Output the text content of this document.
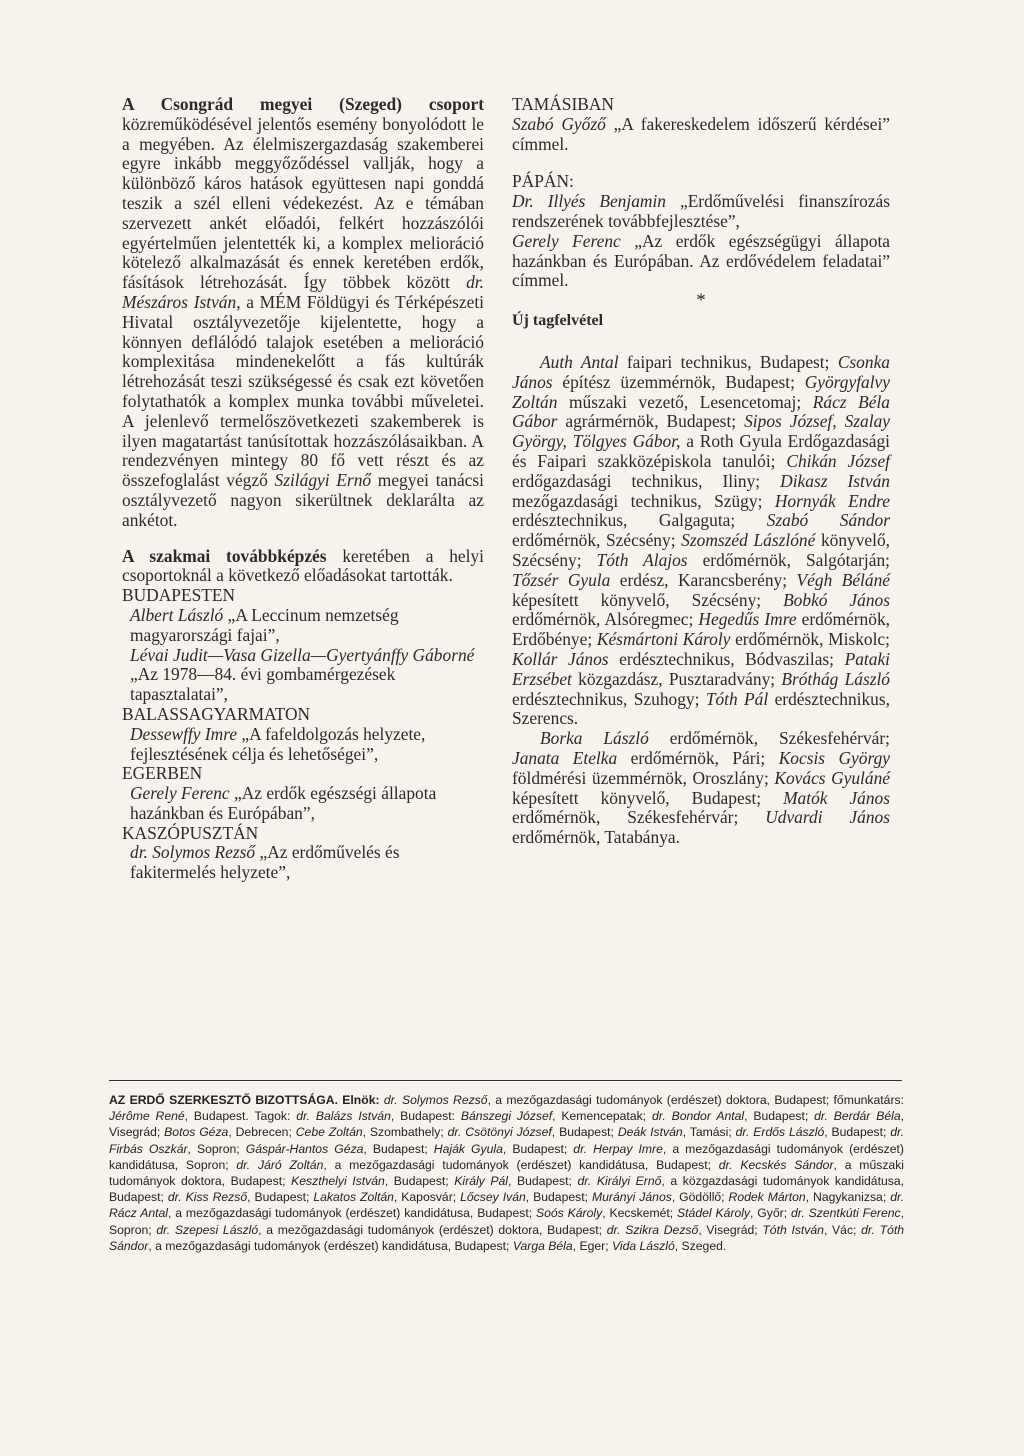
A Csongrád megyei (Szeged) csoport közreműködésével jelentős esemény bonyolódott le a megyében. Az élelmiszergazdaság szakemberei egyre inkább meggyőződéssel vallják, hogy a különböző káros hatások együttesen napi gonddá teszik a szél elleni védekezést. Az e témában szervezett ankét előadói, felkért hozzászólói egyértelműen jelentették ki, a komplex melioráció kötelező alkalmazását és ennek keretében erdők, fásítások létrehozását. Így többek között dr. Mészáros István, a MÉM Földügyi és Térképészeti Hivatal osztályvezetője kijelentette, hogy a könnyen deflálódó talajok esetében a melioráció komplexitása mindenekelőtt a fás kultúrák létrehozását teszi szükségessé és csak ezt követően folytathatók a komplex munka további műveletei. A jelenlevő termelőszövetkezeti szakemberek is ilyen magatartást tanúsítottak hozzászólásaikban. A rendezvényen mintegy 80 fő vett részt és az összefoglalást végző Szilágyi Ernő megyei tanácsi osztályvezető nagyon sikerültnek deklarálta az ankétot.

A szakmai továbbképzés keretében a helyi csoportoknál a következő előadásokat tartották.

BUDAPESTEN

Albert László „A Leccinum nemzetség magyarországi fajai”,

Lévai Judit—Vasa Gizella—Gyertyánffy Gáborné „Az 1978—84. évi gombamérgezések tapasztalatai”,

BALASSAGYARMATON

Dessewffy Imre „A fafeldolgozás helyzete, fejlesztésének célja és lehetőségei”,

EGERBEN

Gerely Ferenc „Az erdők egészségi állapota hazánkban és Európában”,

KASZÓPUSZTÁN

dr. Solymos Rezső „Az erdőművelés és fakitermelés helyzete”,

TAMÁSIBAN

Szabó Győző „A fakereskedelem időszerű kérdései” címmel.

PÁPÁN:

Dr. Illyés Benjamin „Erdőművelési finanszírozás rendszerének továbbfejlesztése”,

Gerely Ferenc „Az erdők egészségügyi állapota hazánkban és Európában. Az erdővédelem feladatai” címmel.

*

Új tagfelvétel

Auth Antal faipari technikus, Budapest; Csonka János építész üzemmérnök, Budapest; Györgyfalvy Zoltán műszaki vezető, Lesencetomaj; Rácz Béla Gábor agrármérnök, Budapest; Sipos József, Szalay György, Tölgyes Gábor, a Roth Gyula Erdőgazdasági és Faipari szakközépiskola tanulói; Chikán József erdőgazdasági technikus, Iliny; Dikasz István mezőgazdasági technikus, Szügy; Hornyák Endre erdésztechnikus, Galgaguta; Szabó Sándor erdőmérnök, Szécsény; Szomszéd Lászlóné könyvelő, Szécsény; Tóth Alajos erdőmérnök, Salgótarján; Tőzsér Gyula erdész, Karancsberény; Végh Béláné képesített könyvelő, Szécsény; Bobkó János erdőmérnök, Alsóregmec; Hegedűs Imre erdőmérnök, Erdőbénye; Késmártoni Károly erdőmérnök, Miskolc; Kollár János erdésztechnikus, Bódvaszilas; Pataki Erzsébet közgazdász, Pusztaradvány; Bróthág László erdésztechnikus, Szuhogy; Tóth Pál erdésztechnikus, Szerencs.

Borka László erdőmérnök, Székesfehérvár; Janata Etelka erdőmérnök, Pári; Kocsis György földmérési üzemmérnök, Oroszlány; Kovács Gyuláné képesített könyvelő, Budapest; Matók János erdőmérnök, Székesfehérvár; Udvardi János erdőmérnök, Tatabánya.

AZ ERDŐ SZERKESZTŐ BIZOTTSÁGA. Elnök: dr. Solymos Rezső, a mezőgazdasági tudományok (erdészet) doktora, Budapest; főmunkatárs: Jérôme René, Budapest. Tagok: dr. Balázs István, Budapest: Bánszegi József, Kemencepatak; dr. Bondor Antal, Budapest; dr. Berdár Béla, Visegrád; Botos Géza, Debrecen; Cebe Zoltán, Szombathely; dr. Csötönyi József, Budapest; Deák István, Tamási; dr. Erdős László, Budapest; dr. Firbás Oszkár, Sopron; Gáspár-Hantos Géza, Budapest; Haják Gyula, Budapest; dr. Herpay Imre, a mezőgazdasági tudományok (erdészet) kandidátusa, Sopron; dr. Járó Zoltán, a mezőgazdasági tudományok (erdészet) kandidátusa, Budapest; dr. Kecskés Sándor, a műszaki tudományok doktora, Budapest; Keszthelyi István, Budapest; Király Pál, Budapest; dr. Királyi Ernő, a közgazdasági tudományok kandidátusa, Budapest; dr. Kiss Rezső, Budapest; Lakatos Zoltán, Kaposvár; Lőcsey Iván, Budapest; Murányi János, Gödöllő; Rodek Márton, Nagykanizsa; dr. Rácz Antal, a mezőgazdasági tudományok (erdészet) kandidátusa, Budapest; Soós Károly, Kecskemét; Stádel Károly, Győr; dr. Szentkúti Ferenc, Sopron; dr. Szepesi László, a mezőgazdasági tudományok (erdészet) doktora, Budapest; dr. Szikra Dezső, Visegrád; Tóth István, Vác; dr. Tóth Sándor, a mezőgazdasági tudományok (erdészet) kandidátusa, Budapest; Varga Béla, Eger; Vida László, Szeged.
